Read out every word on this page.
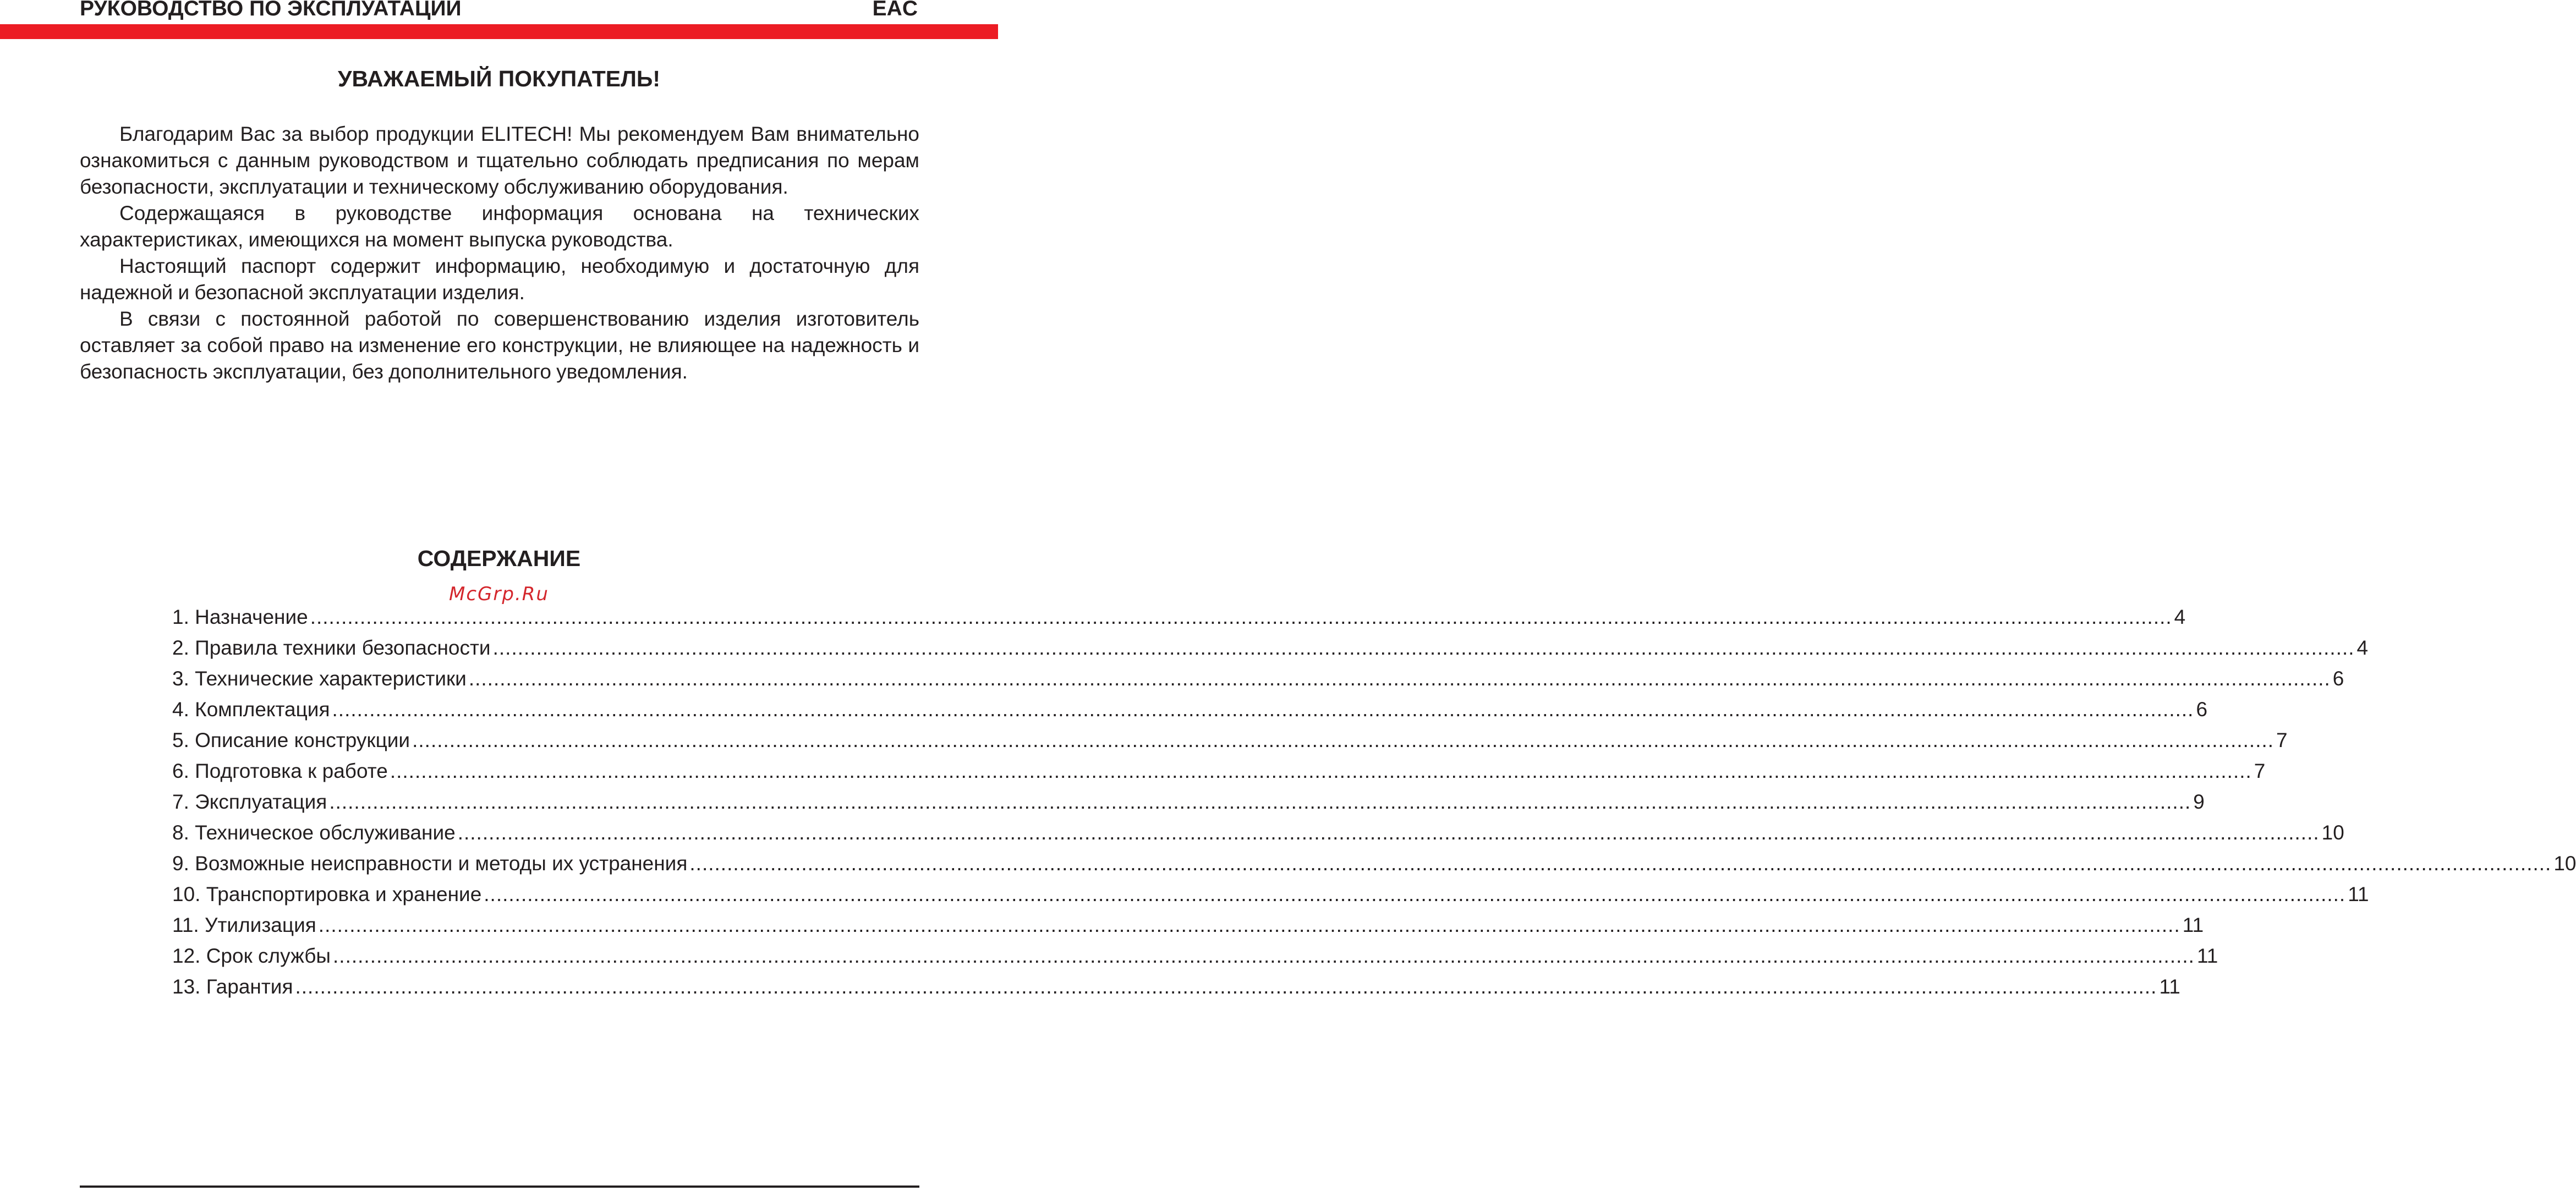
РУКОВОДСТВО ПО ЭКСПЛУАТАЦИИ	EAC
УВАЖАЕМЫЙ ПОКУПАТЕЛЬ!

Благодарим Вас за выбор продукции ELITECH! Мы рекомендуем Вам внимательно ознакомиться с данным руководством и тщательно соблюдать предписания по мерам безопасности, эксплуатации и техническому обслуживанию оборудования.

Содержащаяся в руководстве информация основана на технических характеристиках, имеющихся на момент выпуска руководства.

Настоящий паспорт содержит информацию, необходимую и достаточную для надежной и безопасной эксплуатации изделия.

В связи с постоянной работой по совершенствованию изделия изготовитель оставляет за собой право на изменение его конструкции, не влияющее на надежность и безопасность эксплуатации, без дополнительного уведомления.

СОДЕРЖАНИЕ
McGrp.Ru
1. Назначение ............................................................................................................................................................................................................................................................................................................ 4
2. Правила техники безопасности ............................................................................................................................................................................................................................................................................................................ 4
3. Технические характеристики ............................................................................................................................................................................................................................................................................................................ 6
4. Комплектация ............................................................................................................................................................................................................................................................................................................ 6
5. Описание конструкции ............................................................................................................................................................................................................................................................................................................ 7
6. Подготовка к работе ............................................................................................................................................................................................................................................................................................................ 7
7. Эксплуатация ............................................................................................................................................................................................................................................................................................................ 9
8. Техническое обслуживание ............................................................................................................................................................................................................................................................................................................ 10
9. Возможные неисправности и методы их устранения ............................................................................................................................................................................................................................................................................................................ 10
10. Транспортировка и хранение ............................................................................................................................................................................................................................................................................................................ 11
11. Утилизация ............................................................................................................................................................................................................................................................................................................ 11
12. Срок службы ............................................................................................................................................................................................................................................................................................................ 11
13. Гарантия ............................................................................................................................................................................................................................................................................................................ 11
